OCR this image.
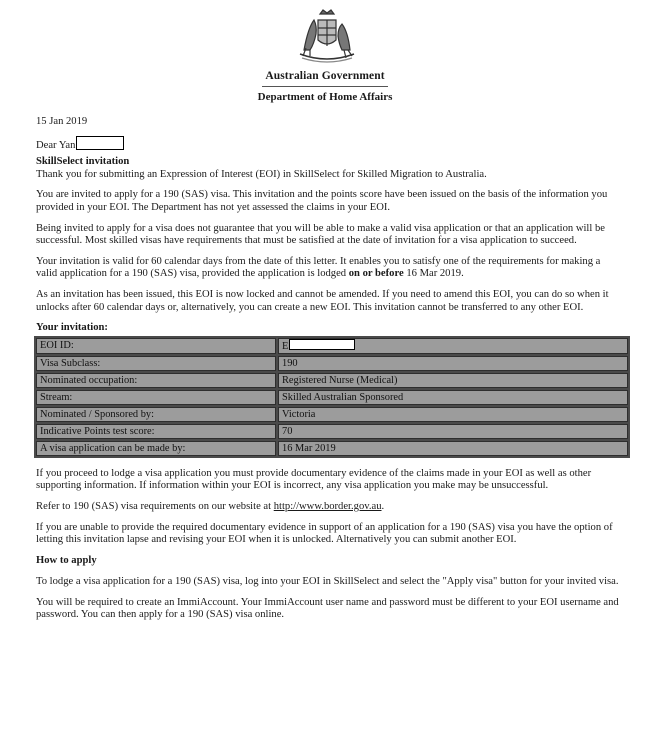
Australian Government
Department of Home Affairs

15 Jan 2019

Dear Yan

SkillSelect invitation

Thank you for submitting an Expression of Interest (EOI) in SkillSelect for Skilled Migration to Australia.

You are invited to apply for a 190 (SAS) visa. This invitation and the points score have been issued on the basis of the information you provided in your EOI. The Department has not yet assessed the claims in your EOI.

Being invited to apply for a visa does not guarantee that you will be able to make a valid visa application or that an application will be successful. Most skilled visas have requirements that must be satisfied at the date of invitation for a visa application to succeed.

Your invitation is valid for 60 calendar days from the date of this letter. It enables you to satisfy one of the requirements for making a valid application for a 190 (SAS) visa, provided the application is lodged on or before 16 Mar 2019.

As an invitation has been issued, this EOI is now locked and cannot be amended. If you need to amend this EOI, you can do so when it unlocks after 60 calendar days or, alternatively, you can create a new EOI. This invitation cannot be transferred to any other EOI.

Your invitation:

EOI ID:	E
Visa Subclass:	190
Nominated occupation:	Registered Nurse (Medical)
Stream:	Skilled Australian Sponsored
Nominated / Sponsored by:	Victoria
Indicative Points test score:	70
A visa application can be made by:	16 Mar 2019

If you proceed to lodge a visa application you must provide documentary evidence of the claims made in your EOI as well as other supporting information. If information within your EOI is incorrect, any visa application you make may be unsuccessful.

Refer to 190 (SAS) visa requirements on our website at http://www.border.gov.au.

If you are unable to provide the required documentary evidence in support of an application for a 190 (SAS) visa you have the option of letting this invitation lapse and revising your EOI when it is unlocked. Alternatively you can submit another EOI.

How to apply

To lodge a visa application for a 190 (SAS) visa, log into your EOI in SkillSelect and select the "Apply visa" button for your invited visa.

You will be required to create an ImmiAccount. Your ImmiAccount user name and password must be different to your EOI username and password. You can then apply for a 190 (SAS) visa online.
